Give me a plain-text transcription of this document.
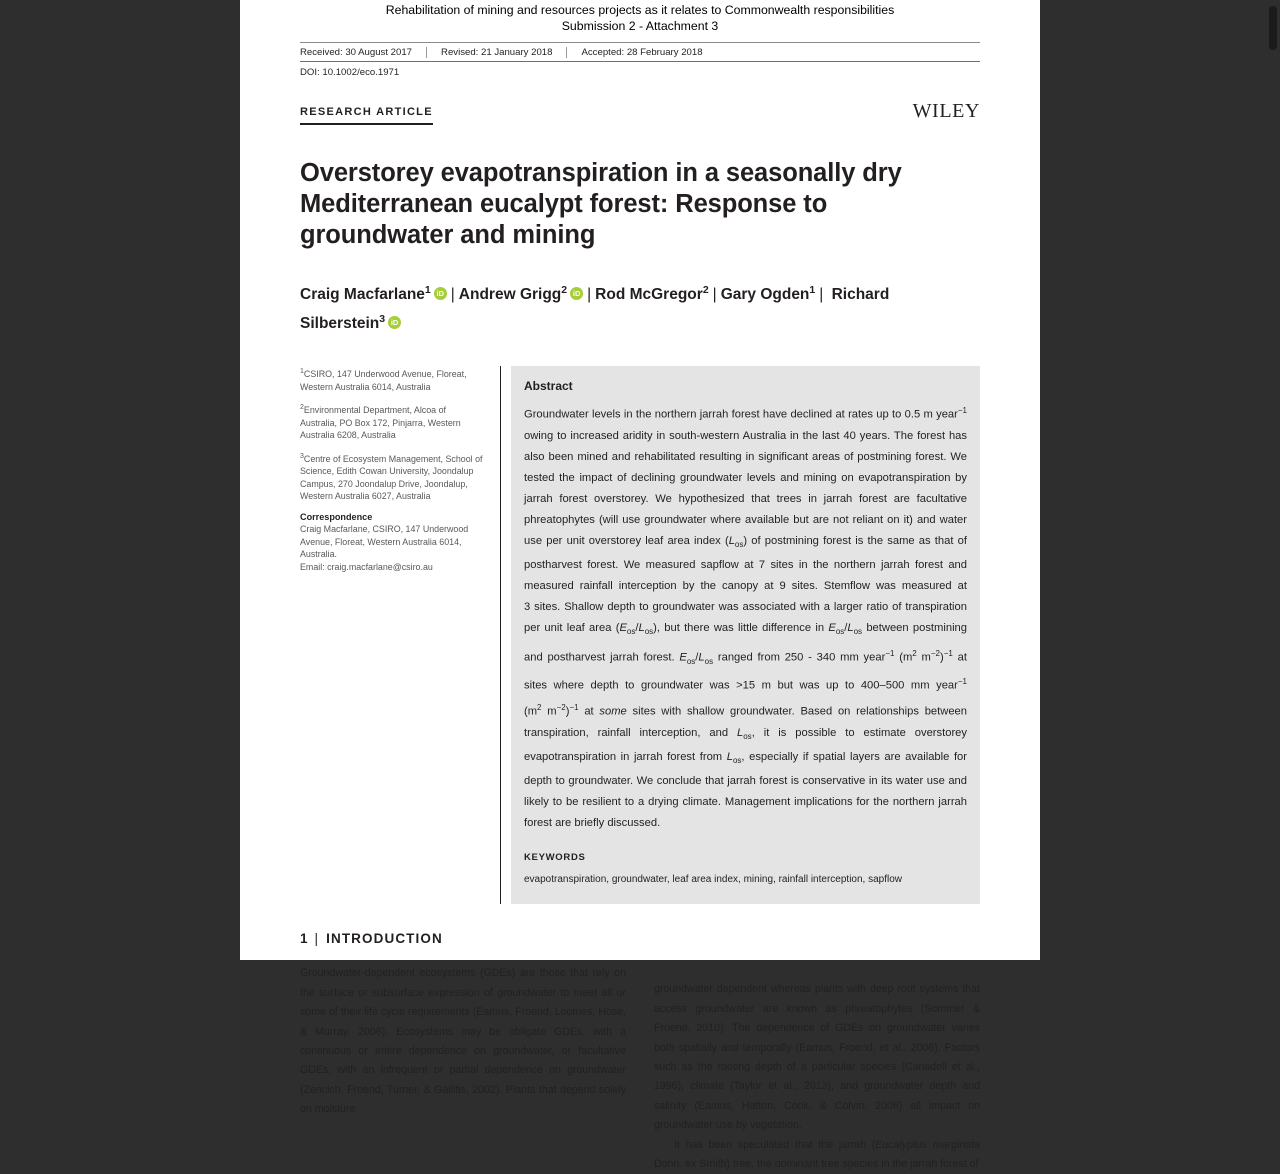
Rehabilitation of mining and resources projects as it relates to Commonwealth responsibilities
Submission 2 - Attachment 3
Received: 30 August 2017	Revised: 21 January 2018	Accepted: 28 February 2018
DOI: 10.1002/eco.1971
RESEARCH ARTICLE	WILEY
Overstorey evapotranspiration in a seasonally dry Mediterranean eucalypt forest: Response to groundwater and mining
Craig Macfarlane$^1$ iD | Andrew Grigg$^2$ iD | Rod McGregor$^2$ | Gary Ogden$^1$ | Richard Silberstein$^3$iD
$^1$CSIRO, 147 Underwood Avenue, Floreat, Western Australia 6014, Australia
$^2$Environmental Department, Alcoa of Australia, PO Box 172, Pinjarra, Western Australia 6208, Australia
$^3$Centre of Ecosystem Management, School of Science, Edith Cowan University, Joondalup Campus, 270 Joondalup Drive, Joondalup, Western Australia 6027, Australia
Correspondence
Craig Macfarlane, CSIRO, 147 Underwood Avenue, Floreat, Western Australia 6014, Australia.
Email: craig.macfarlane@csiro.au
Abstract
Groundwater levels in the northern jarrah forest have declined at rates up to 0.5 m year$^{-1}$ owing to increased aridity in south-western Australia in the last 40 years. The forest has also been mined and rehabilitated resulting in significant areas of postmining forest. We tested the impact of declining groundwater levels and mining on evapotranspiration by jarrah forest overstorey. We hypothesized that trees in jarrah forest are facultative phreatophytes (will use groundwater where available but are not reliant on it) and water use per unit overstorey leaf area index $(L_{os})$ of postmining forest is the same as that of postharvest forest. We measured sapflow at 7 sites in the northern jarrah forest and measured rainfall interception by the canopy at 9 sites. Stemflow was measured at 3 sites. Shallow depth to groundwater was associated with a larger ratio of transpiration per unit leaf area $(E_{os}/L_{os})$, but there was little difference in $E_{os}/L_{os}$ between postmining and postharvest jarrah forest. $E_{os}/L_{os}$ ranged from 250 - 340 mm year$^{-1}$ ($m^2$ $m^{-2})^{-1}$ at sites where depth to groundwater was >15 m but was up to 400–500 mm year$^{-1}$ ($m^2$ $m^{-2})^{-1}$ at some sites with shallow groundwater. Based on relationships between transpiration, rainfall interception, and $L_{os}$, it is possible to estimate overstorey evapotranspiration in jarrah forest from $L_{os}$, especially if spatial layers are available for depth to groundwater. We conclude that jarrah forest is conservative in its water use and likely to be resilient to a drying climate. Management implications for the northern jarrah forest are briefly discussed.
KEYWORDS
evapotranspiration, groundwater, leaf area index, mining, rainfall interception, sapflow
1 | INTRODUCTION
Groundwater-dependent ecosystems (GDEs) are those that rely on the surface or subsurface expression of groundwater to meet all or some of their life cycle requirements (Eamus, Froend, Loomes, Hose, & Murray, 2006). Ecosystems may be obligate GDEs, with a continuous or entire dependence on groundwater, or facultative GDEs, with an infrequent or partial dependence on groundwater (Zencich, Froend, Turner, & Gailitis, 2002). Plants that depend solely on moisture
groundwater dependent whereas plants with deep root systems that access groundwater are known as phreatophytes (Sommer & Froend, 2010). The dependence of GDEs on groundwater varies both spatially and temporally (Eamus, Froend, et al., 2006). Factors such as the rooting depth of a particular species (Canadell et al., 1996), climate (Taylor et al., 2013), and groundwater depth and salinity (Eamus, Hatton, Cook, & Colvin, 2006) all impact on groundwater use by vegetation.
It has been speculated that the jarrah (Eucalyptus marginata Donn. ex Smith) tree, the dominant tree species in the jarrah forest of
